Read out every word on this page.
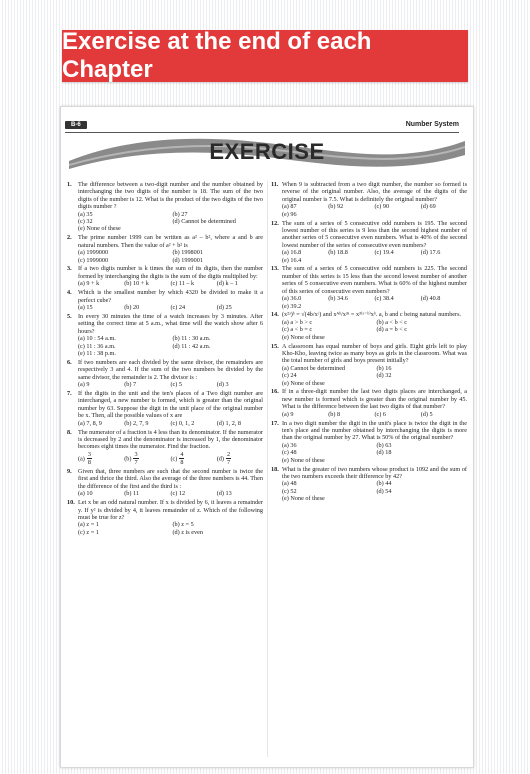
Exercise at the end of each Chapter
B-6	Number System
EXERCISE
1.	The difference between a two-digit number and the number obtained by interchanging the two digits of the number is 18. The sum of the two digits of the number is 12. What is the product of the two digits of the two digits number ?
(a) 35	(b) 27
(c) 32	(d) Cannot be determined
(e) None of these
2.	The prime number 1999 can be written as a² – b², where a and b are natural numbers. Then the value of a² + b² is
(a) 1999000	(b) 1998001
(c) 1999000	(d) 1999001
3.	If a two digits number is k times the sum of its digits, then the number formed by interchanging the digits is the sum of the digits multiplied by:
(a) 9 + k	(b) 10 + k	(c) 11 – k	(d) k – 1
4.	Which is the smallest number by which 4320 be divided to make it a perfect cube?
(a) 15	(b) 20	(c) 24	(d) 25
5.	In every 30 minutes the time of a watch increases by 3 minutes. After setting the correct time at 5 a.m., what time will the watch show after 6 hours?
(a) 10 : 54 a.m.	(b) 11 : 30 a.m.
(c) 11 : 36 a.m.	(d) 11 : 42 a.m.
(e) 11 : 38 p.m.
6.	If two numbers are each divided by the same divisor, the remainders are respectively 3 and 4. If the sum of the two numbers be divided by the same divisor, the remainder is 2. The divisor is :
(a) 9	(b) 7	(c) 5	(d) 3
7.	If the digits in the unit and the ten's places of a Two digit number are interchanged, a new number is formed, which is greater than the original number by 63. Suppose the digit in the unit place of the original number be x. Then, all the possible values of x are
(a) 7, 8, 9	(b) 2, 7, 9	(c) 0, 1, 2	(d) 1, 2, 8
8.	The numerator of a fraction is 4 less than its denominator. If the numerator is decreased by 2 and the denominator is increased by 1, the denominator becomes eight times the numerator. Find the fraction.
$(a) \frac{3}{8}$	$(b) \frac{3}{7}$	$(c) \frac{4}{8}$	$(d) \frac{2}{7}$
9.	Given that, three numbers are such that the second number is twice the first and thrice the third. Also the average of the three numbers is 44. Then the difference of the first and the third is :
(a) 10	(b) 11	(c) 12	(d) 13
10. Let x be an odd natural number. If x is divided by 6, it leaves a remainder y. If y² is divided by 4, it leaves remainder of z. Which of the following must be true for z?
(a) z = 1	(b) z = 5
(c) z = 1	(d) z is even
11. When 9 is subtracted from a two digit number, the number so formed is reverse of the original number. Also, the average of the digits of the original number is 7.5. What is definitely the original number?
(a) 87	(b) 92	(c) 90	(d) 69
(e) 96
12. The sum of a series of 5 consecutive odd numbers is 195. The second lowest number of this series is 9 less than the second highest number of another series of 5 consecutive even numbers. What is 40% of the second lowest number of the series of consecutive even numbers?
(a) 16.8	(b) 18.8	(c) 19.4	(d) 17.6
(e) 16.4
13. The sum of a series of 5 consecutive odd numbers is 225. The second number of this series is 15 less than the second lowest number of another series of 5 consecutive even numbers. What is 60% of the highest number of this series of consecutive even numbers?
(a) 36.0	(b) 34.6	(c) 38.4	(d) 40.8
(e) 39.2
14. (x²ᵃ)ᵇ = √(4b/xᶜ) and xᴬᵇ/x³ᵃ = x³⁽ᵃ⁻ᵇ⁾xᵇ. a, b and c being natural numbers.
(a) a > b > c	(b) a < b < c
(c) a < b = c	(d) a = b < c
(e) None of these
15. A classroom has equal number of boys and girls. Eight girls left to play Kho-Kho, leaving twice as many boys as girls in the classroom. What was the total number of girls and boys present initially?
(a) Cannot be determined	(b) 16
(c) 24	(d) 32
(e) None of these
16. If in a three-digit number the last two digits places are interchanged, a new number is formed which is greater than the original number by 45. What is the difference between the last two digits of that number?
(a) 9	(b) 8	(c) 6	(d) 5
17. In a two digit number the digit in the unit's place is twice the digit in the ten's place and the number obtained by interchanging the digits is more than the original number by 27. What is 50% of the original number?
(a) 36	(b) 63
(c) 48	(d) 18
(e) None of these
18. What is the greater of two numbers whose product is 1092 and the sum of the two numbers exceeds their difference by 42?
(a) 48	(b) 44
(c) 52	(d) 54
(e) None of these
